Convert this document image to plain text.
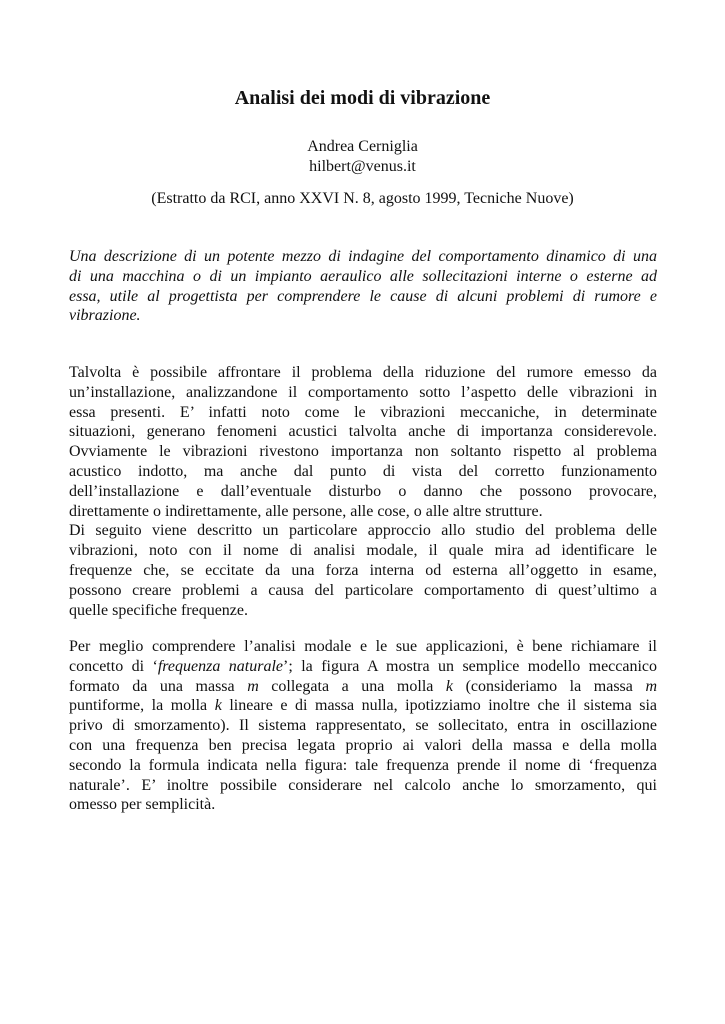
Analisi dei modi di vibrazione
Andrea Cerniglia
hilbert@venus.it
(Estratto da RCI, anno XXVI N. 8, agosto 1999, Tecniche Nuove)
Una descrizione di un potente mezzo di indagine del comportamento dinamico di una
di una macchina o di un impianto aeraulico alle sollecitazioni interne o esterne ad
essa, utile al progettista per comprendere le cause di alcuni problemi di rumore e
vibrazione.
Talvolta è possibile affrontare il problema della riduzione del rumore emesso da
un’installazione, analizzandone il comportamento sotto l’aspetto delle vibrazioni in
essa presenti. E’ infatti noto come le vibrazioni meccaniche, in determinate
situazioni, generano fenomeni acustici talvolta anche di importanza considerevole.
Ovviamente le vibrazioni rivestono importanza non soltanto rispetto al problema
acustico indotto, ma anche dal punto di vista del corretto funzionamento
dell’installazione e dall’eventuale disturbo o danno che possono provocare,
direttamente o indirettamente, alle persone, alle cose, o alle altre strutture.
Di seguito viene descritto un particolare approccio allo studio del problema delle
vibrazioni, noto con il nome di analisi modale, il quale mira ad identificare le
frequenze che, se eccitate da una forza interna od esterna all’oggetto in esame,
possono creare problemi a causa del particolare comportamento di quest’ultimo a
quelle specifiche frequenze.
Per meglio comprendere l’analisi modale e le sue applicazioni, è bene richiamare il
concetto di ‘frequenza naturale’; la figura A mostra un semplice modello meccanico
formato da una massa m collegata a una molla k (consideriamo la massa m
puntiforme, la molla k lineare e di massa nulla, ipotizziamo inoltre che il sistema sia
privo di smorzamento). Il sistema rappresentato, se sollecitato, entra in oscillazione
con una frequenza ben precisa legata proprio ai valori della massa e della molla
secondo la formula indicata nella figura: tale frequenza prende il nome di ‘frequenza
naturale’. E’ inoltre possibile considerare nel calcolo anche lo smorzamento, qui
omesso per semplicità.
